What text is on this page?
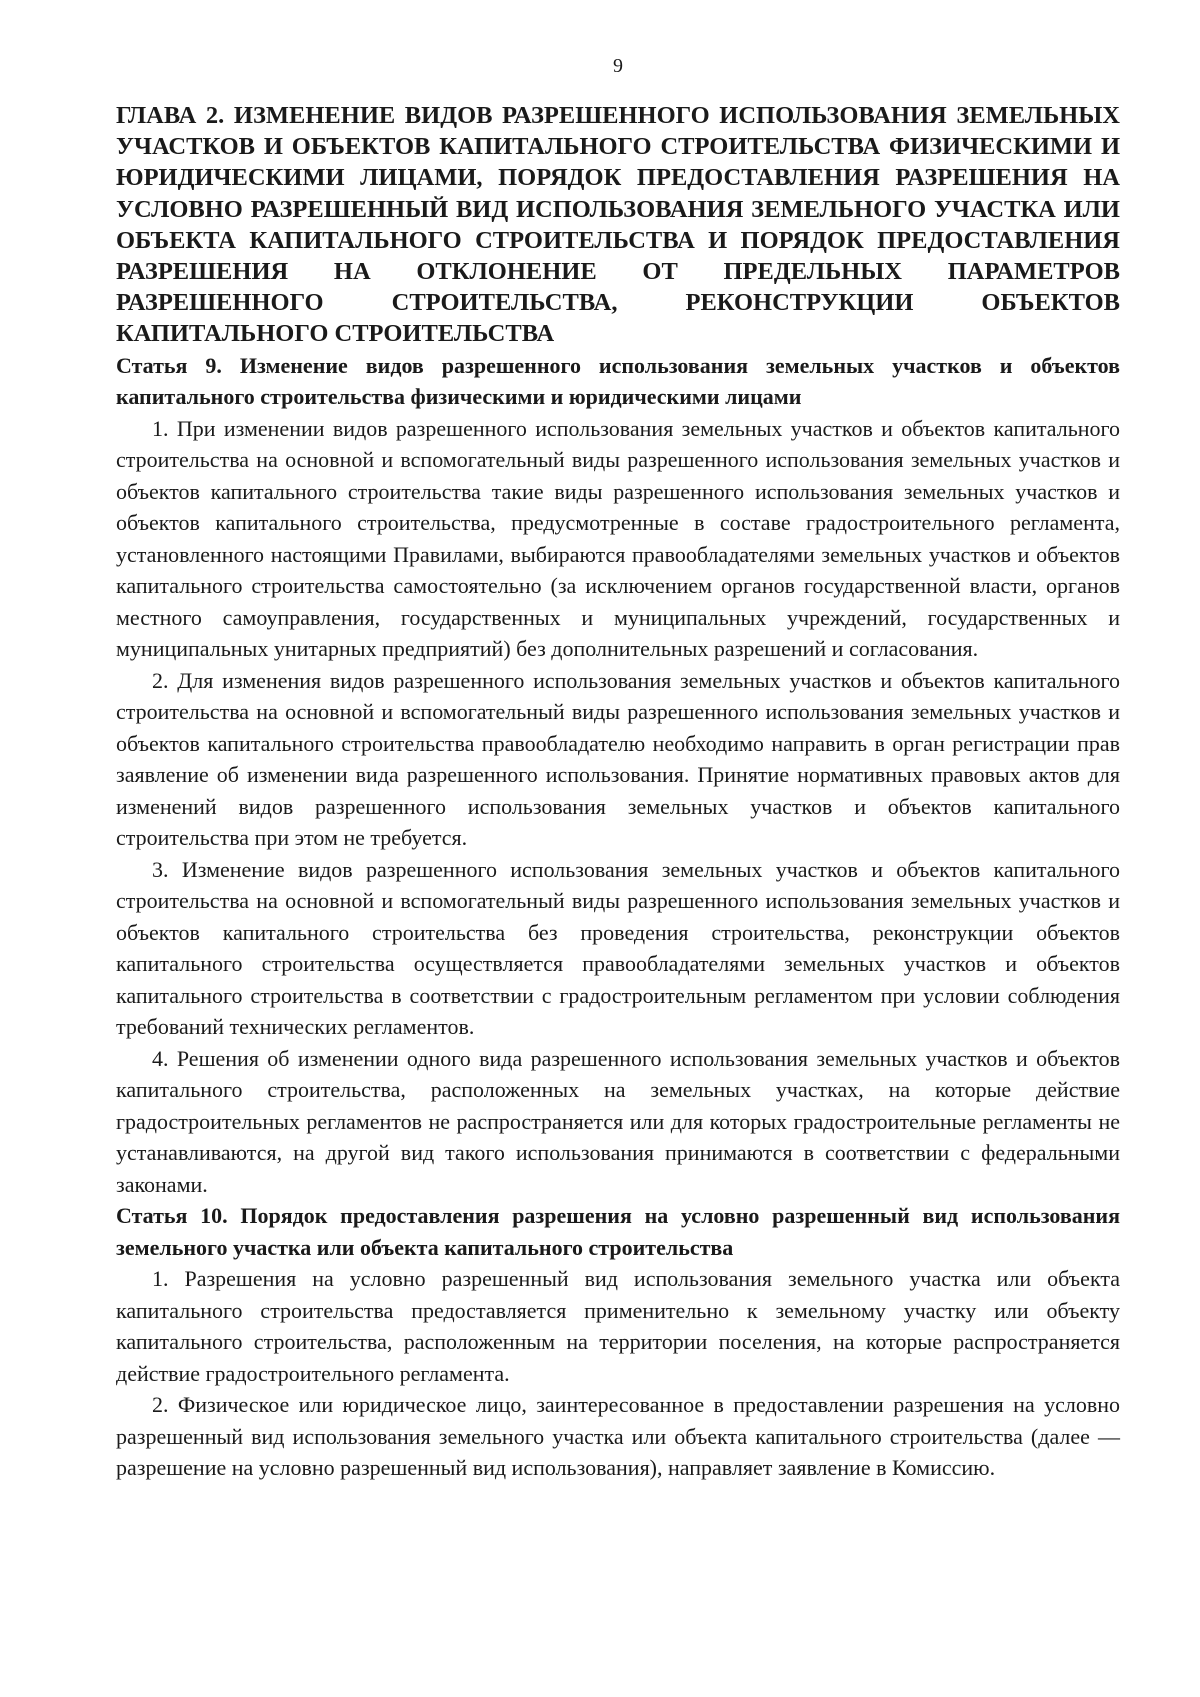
9
ГЛАВА 2. ИЗМЕНЕНИЕ ВИДОВ РАЗРЕШЕННОГО ИСПОЛЬЗОВАНИЯ ЗЕМЕЛЬНЫХ
УЧАСТКОВ И ОБЪЕКТОВ КАПИТАЛЬНОГО СТРОИТЕЛЬСТВА ФИЗИЧЕСКИМИ И
ЮРИДИЧЕСКИМИ ЛИЦАМИ, ПОРЯДОК ПРЕДОСТАВЛЕНИЯ РАЗРЕШЕНИЯ НА
УСЛОВНО РАЗРЕШЕННЫЙ ВИД ИСПОЛЬЗОВАНИЯ ЗЕМЕЛЬНОГО УЧАСТКА ИЛИ
ОБЪЕКТА КАПИТАЛЬНОГО СТРОИТЕЛЬСТВА И ПОРЯДОК ПРЕДОСТАВЛЕНИЯ
РАЗРЕШЕНИЯ НА ОТКЛОНЕНИЕ ОТ ПРЕДЕЛЬНЫХ ПАРАМЕТРОВ
РАЗРЕШЕННОГО СТРОИТЕЛЬСТВА, РЕКОНСТРУКЦИИ ОБЪЕКТОВ
КАПИТАЛЬНОГО СТРОИТЕЛЬСТВА
Статья 9. Изменение видов разрешенного использования земельных участков и объектов капитального строительства физическими и юридическими лицами

1. При изменении видов разрешенного использования земельных участков и объектов капитального строительства на основной и вспомогательный виды разрешенного использования земельных участков и объектов капитального строительства такие виды разрешенного использования земельных участков и объектов капитального строительства, предусмотренные в составе градостроительного регламента, установленного настоящими Правилами, выбираются правообладателями земельных участков и объектов капитального строительства самостоятельно (за исключением органов государственной власти, органов местного самоуправления, государственных и муниципальных учреждений, государственных и муниципальных унитарных предприятий) без дополнительных разрешений и согласования.

2. Для изменения видов разрешенного использования земельных участков и объектов капитального строительства на основной и вспомогательный виды разрешенного использования земельных участков и объектов капитального строительства правообладателю необходимо направить в орган регистрации прав заявление об изменении вида разрешенного использования. Принятие нормативных правовых актов для изменений видов разрешенного использования земельных участков и объектов капитального строительства при этом не требуется.

3. Изменение видов разрешенного использования земельных участков и объектов капитального строительства на основной и вспомогательный виды разрешенного использования земельных участков и объектов капитального строительства без проведения строительства, реконструкции объектов капитального строительства осуществляется правообладателями земельных участков и объектов капитального строительства в соответствии с градостроительным регламентом при условии соблюдения требований технических регламентов.

4. Решения об изменении одного вида разрешенного использования земельных участков и объектов капитального строительства, расположенных на земельных участках, на которые действие градостроительных регламентов не распространяется или для которых градостроительные регламенты не устанавливаются, на другой вид такого использования принимаются в соответствии с федеральными законами.

Статья 10. Порядок предоставления разрешения на условно разрешенный вид использования земельного участка или объекта капитального строительства

1. Разрешения на условно разрешенный вид использования земельного участка или объекта капитального строительства предоставляется применительно к земельному участку или объекту капитального строительства, расположенным на территории поселения, на которые распространяется действие градостроительного регламента.

2. Физическое или юридическое лицо, заинтересованное в предоставлении разрешения на условно разрешенный вид использования земельного участка или объекта капитального строительства (далее — разрешение на условно разрешенный вид использования), направляет заявление в Комиссию.
